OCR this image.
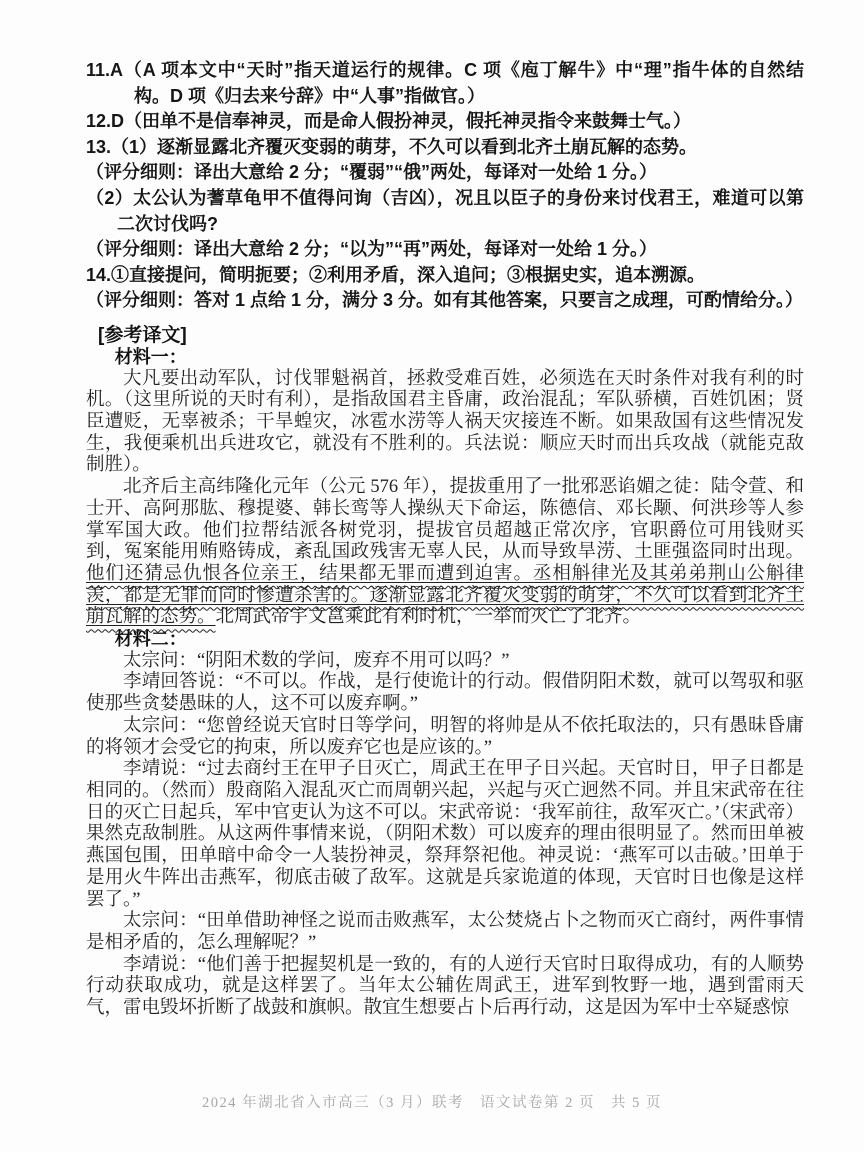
11.A（A 项本文中“天时”指天道运行的规律。C 项《庖丁解牛》中“理”指牛体的自然结构。D 项《归去来兮辞》中“人事”指做官。）

12.D（田单不是信奉神灵，而是命人假扮神灵，假托神灵指令来鼓舞士气。）

13.（1）逐渐显露北齐覆灭变弱的萌芽，不久可以看到北齐土崩瓦解的态势。

（评分细则：译出大意给 2 分；“覆弱”“俄”两处，每译对一处给 1 分。）

（2）太公认为蓍草龟甲不值得问询（吉凶），况且以臣子的身份来讨伐君王，难道可以第二次讨伐吗?

（评分细则：译出大意给 2 分；“以为”“再”两处，每译对一处给 1 分。）

14.①直接提问，简明扼要；②利用矛盾，深入追问；③根据史实，追本溯源。

（评分细则：答对 1 点给 1 分，满分 3 分。如有其他答案，只要言之成理，可酌情给分。）

[参考译文]

材料一：

大凡要出动军队，讨伐罪魁祸首，拯救受难百姓，必须选在天时条件对我有利的时机。（这里所说的天时有利），是指敌国君主昏庸，政治混乱；军队骄横，百姓饥困；贤臣遭贬，无辜被杀；干旱蝗灾，冰雹水涝等人祸天灾接连不断。如果敌国有这些情况发生，我便乘机出兵进攻它，就没有不胜利的。兵法说：顺应天时而出兵攻战（就能克敌制胜）。

北齐后主高纬隆化元年（公元 576 年），提拔重用了一批邪恶谄媚之徒：陆令萱、和士开、高阿那肱、穆提婆、韩长鸾等人操纵天下命运，陈德信、邓长颙、何洪珍等人参掌军国大政。他们拉帮结派各树党羽，提拔官员超越正常次序，官职爵位可用钱财买到，冤案能用贿赂铸成，紊乱国政残害无辜人民，从而导致旱涝、土匪强盗同时出现。他们还猜忌仇恨各位亲王，结果都无罪而遭到迫害。丞相斛律光及其弟弟荆山公斛律羡，都是无罪而同时惨遭杀害的。逐渐显露北齐覆灭变弱的萌芽，不久可以看到北齐土崩瓦解的态势。北周武帝宇文邕乘此有利时机，一举而灭亡了北齐。

材料二：

太宗问：“阴阳术数的学问，废弃不用可以吗？”

李靖回答说：“不可以。作战，是行使诡计的行动。假借阴阳术数，就可以驾驭和驱使那些贪婪愚昧的人，这不可以废弃啊。”

太宗问：“您曾经说天官时日等学问，明智的将帅是从不依托取法的，只有愚昧昏庸的将领才会受它的拘束，所以废弃它也是应该的。”

李靖说：“过去商纣王在甲子日灭亡，周武王在甲子日兴起。天官时日，甲子日都是相同的。（然而）殷商陷入混乱灭亡而周朝兴起，兴起与灭亡迥然不同。并且宋武帝在往日的灭亡日起兵，军中官吏认为这不可以。宋武帝说：‘我军前往，敌军灭亡。’（宋武帝）果然克敌制胜。从这两件事情来说，（阴阳术数）可以废弃的理由很明显了。然而田单被燕国包围，田单暗中命令一人装扮神灵，祭拜祭祀他。神灵说：‘燕军可以击破。’田单于是用火牛阵出击燕军，彻底击破了敌军。这就是兵家诡道的体现，天官时日也像是这样罢了。”

太宗问：“田单借助神怪之说而击败燕军，太公焚烧占卜之物而灭亡商纣，两件事情是相矛盾的，怎么理解呢？”

李靖说：“他们善于把握契机是一致的，有的人逆行天官时日取得成功，有的人顺势行动获取成功，就是这样罢了。当年太公辅佐周武王，进军到牧野一地，遇到雷雨天气，雷电毁坏折断了战鼓和旗帜。散宜生想要占卜后再行动，这是因为军中士卒疑惑惊

2024 年湖北省入市高三（3 月）联考　语文试卷第 2 页　共 5 页
